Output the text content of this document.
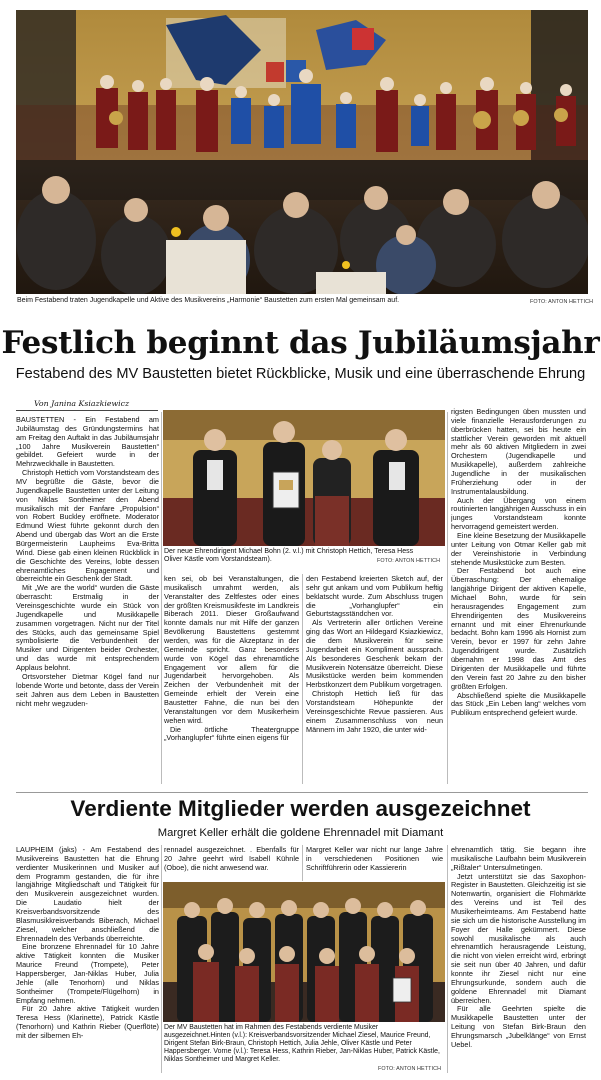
Beim Festabend traten Jugendkapelle und Aktive des Musikvereins „Harmonie“ Baustetten zum ersten Mal gemeinsam auf.	FOTO: ANTON HETTICH
Festlich beginnt das Jubiläumsjahr
Festabend des MV Baustetten bietet Rückblicke, Musik und eine überraschende Ehrung
Von Janina Ksiazkiewicz

BAUSTETTEN - Ein Festabend am Jubiläumstag des Gründungstermins hat am Freitag den Auftakt in das Jubiläumsjahr „100 Jahre Musikverein Baustetten“ gebildet. Gefeiert wurde in der Mehrzweckhalle in Baustetten.

Christoph Hettich vom Vorstandsteam des MV begrüßte die Gäste, bevor die Jugendkapelle Baustetten unter der Leitung von Niklas Sontheimer den Abend musikalisch mit der Fanfare „Propulsion“ von Robert Buckley eröffnete. Moderator Edmund Wiest führte gekonnt durch den Abend und übergab das Wort an die Erste Bürgermeisterin Laupheims Eva-Britta Wind. Diese gab einen kleinen Rückblick in die Geschichte des Vereins, lobte dessen ehrenamtliches Engagement und überreichte ein Geschenk der Stadt.

Mit „We are the world“ wurden die Gäste überrascht: Erstmalig in der Vereinsgeschichte wurde ein Stück von Jugendkapelle und Musikkapelle zusammen vorgetragen. Nicht nur der Titel des Stücks, auch das gemeinsame Spiel symbolisierte die Verbundenheit der Musiker und Dirigenten beider Orchester, und das wurde mit entsprechendem Applaus belohnt.

Ortsvorsteher Dietmar Kögel fand nur lobende Worte und betonte, dass der Verein seit Jahren aus dem Leben in Baustetten nicht mehr wegzuden-

Der neue Ehrendirigent Michael Bohn (2. v.l.) mit Christoph Hettich, Teresa Hess Oliver Kästle vom Vorstandsteam).	FOTO: ANTON HETTICH

ken sei, ob bei Veranstaltungen, die musikalisch umrahmt werden, als Veranstalter des Zeltfestes oder eines der größten Kreismusikfeste im Landkreis Biberach 2011. Dieser Großaufwand konnte damals nur mit Hilfe der ganzen Bevölkerung Baustettens gestemmt werden, was für die Akzeptanz in der Gemeinde spricht. Ganz besonders wurde von Kögel das ehrenamtliche Engagement vor allem für die Jugendarbeit hervorgehoben. Als Zeichen der Verbundenheit mit der Gemeinde erhielt der Verein eine Baustetter Fahne, die nun bei den Veranstaltungen vor dem Musikerheim wehen wird.

Die örtliche Theatergruppe „Vorhanglupfer“ führte einen eigens für

den Festabend kreierten Sketch auf, der sehr gut ankam und vom Publikum heftig beklatscht wurde. Zum Abschluss trugen die „Vorhanglupfer“ ein Geburtstagsständchen vor.

Als Vertreterin aller örtlichen Vereine ging das Wort an Hildegard Ksiazkiewicz, die dem Musikverein für seine Jugendarbeit ein Kompliment aussprach. Als besonderes Geschenk bekam der Musikverein Notensätze überreicht. Diese Musikstücke werden beim kommenden Herbstkonzert dem Publikum vorgetragen.

Christoph Hettich ließ für das Vorstandsteam Höhepunkte der Vereinsgeschichte Revue passieren. Aus einem Zusammenschluss von neun Männern im Jahr 1920, die unter wid-

rigsten Bedingungen üben mussten und viele finanzielle Herausforderungen zu überbrücken hatten, sei bis heute ein stattlicher Verein geworden mit aktuell mehr als 60 aktiven Mitgliedern in zwei Orchestern (Jugendkapelle und Musikkapelle), außerdem zahlreiche Jugendliche in der musikalischen Früherziehung oder in der Instrumentalausbildung.

Auch der Übergang von einem routinierten langjährigen Ausschuss in ein junges Vorstandsteam konnte hervorragend gemeistert werden.

Eine kleine Besetzung der Musikkapelle unter Leitung von Otmar Keller gab mit der Vereinshistorie in Verbindung stehende Musikstücke zum Besten.

Der Festabend bot auch eine Überraschung: Der ehemalige langjährige Dirigent der aktiven Kapelle, Michael Bohn, wurde für sein herausragendes Engagement zum Ehrendirigenten des Musikvereins ernannt und mit einer Ehrenurkunde bedacht. Bohn kam 1996 als Hornist zum Verein, bevor er 1997 für zehn Jahre Jugenddirigent wurde. Zusätzlich übernahm er 1998 das Amt des Dirigenten der Musikkapelle und führte den Verein fast 20 Jahre zu den bisher größten Erfolgen.

Abschließend spielte die Musikkapelle das Stück „Ein Leben lang“ welches vom Publikum entsprechend gefeiert wurde.

Verdiente Mitglieder werden ausgezeichnet
Margret Keller erhält die goldene Ehrennadel mit Diamant

LAUPHEIM (jaks) - Am Festabend des Musikvereins Baustetten hat die Ehrung verdienter Musikerinnen und Musiker auf dem Programm gestanden, die für ihre langjährige Mitgliedschaft und Tätigkeit für den Musikverein ausgezeichnet wurden. Die Laudatio hielt der Kreisverbandsvorsitzende des Blasmusikkreisverbands Biberach, Michael Ziesel, welcher anschließend die Ehrennadeln des Verbands überreichte.

Eine bronzene Ehrennadel für 10 Jahre aktive Tätigkeit konnten die Musiker Maurice Freund (Trompete), Peter Happersberger, Jan-Niklas Huber, Julia Jehle (alle Tenorhorn) und Niklas Sontheimer (Trompete/Flügelhorn) in Empfang nehmen.

Für 20 Jahre aktive Tätigkeit wurden Teresa Hess (Klarinette), Patrick Kästle (Tenorhorn) und Kathrin Rieber (Querflöte) mit der silbernen Eh-

rennadel ausgezeichnet. . Ebenfalls für 20 Jahre geehrt wird Isabell Kühnle (Oboe), die nicht anwesend war.

Margret Keller war nicht nur lange Jahre in verschiedenen Positionen wie Schriftführerin oder Kassiererin

Der MV Baustetten hat im Rahmen des Festabends verdiente Musiker ausgezeichnet.Hinten (v.l.): Kreisverbandsvorsitzender Michael Ziesel, Maurice Freund, Dirigent Stefan Birk-Braun, Christoph Hettich, Julia Jehle, Oliver Kästle und Peter Happersberger. Vorne (v.l.): Teresa Hess, Kathrin Rieber, Jan-Niklas Huber, Patrick Kästle, Niklas Sontheimer und Margret Keller.
FOTO: ANTON HETTICH

ehrenamtlich tätig. Sie begann ihre musikalische Laufbahn beim Musikverein „Rißtaler“ Untersulmetingen.

Jetzt unterstützt sie das Saxophon-Register in Baustetten. Gleichzeitig ist sie Notenwartin, organisiert die Flohmärkte des Vereins und ist Teil des Musikerheimteams. Am Festabend hatte sie sich um die historische Ausstellung im Foyer der Halle gekümmert. Diese sowohl musikalische als auch ehrenamtlich herausragende Leistung, die nicht von vielen erreicht wird, erbringt sie seit nun über 40 Jahren, und dafür konnte ihr Ziesel nicht nur eine Ehrungsurkunde, sondern auch die goldene Ehrennadel mit Diamant überreichen.

Für alle Geehrten spielte die Musikkapelle Baustetten unter der Leitung von Stefan Birk-Braun den Ehrungsmarsch „Jubelklänge“ von Ernst Uebel.
